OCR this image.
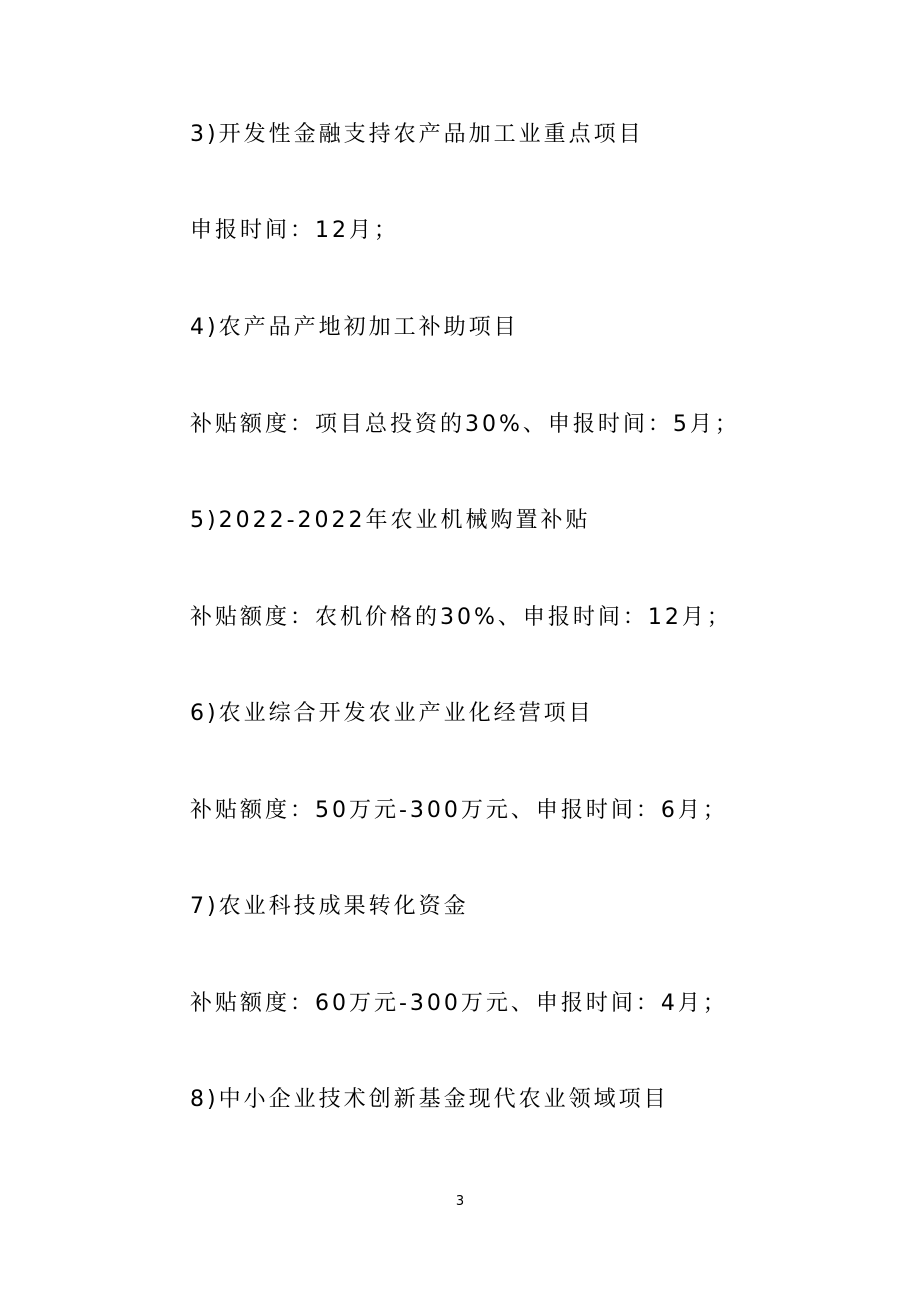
3)开发性金融支持农产品加工业重点项目
申报时间：12月；
4)农产品产地初加工补助项目
补贴额度：项目总投资的30%、申报时间：5月；
5)2022-2022年农业机械购置补贴
补贴额度：农机价格的30%、申报时间：12月；
6)农业综合开发农业产业化经营项目
补贴额度：50万元-300万元、申报时间：6月；
7)农业科技成果转化资金
补贴额度：60万元-300万元、申报时间：4月；
8)中小企业技术创新基金现代农业领域项目
3
